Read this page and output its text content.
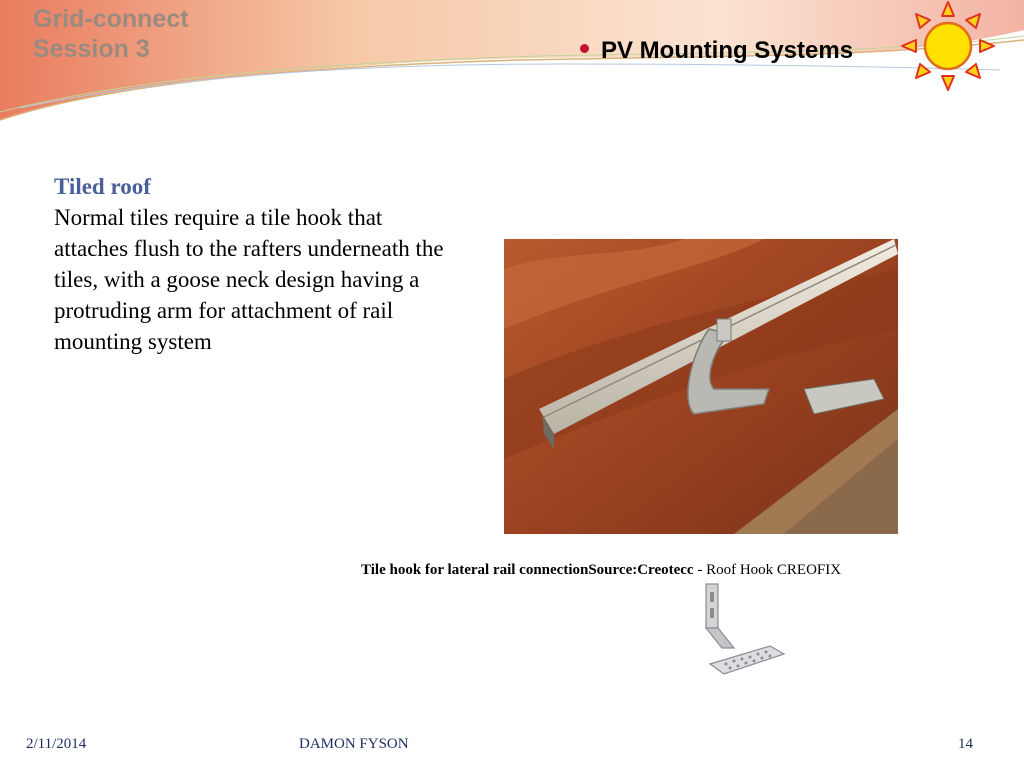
Grid-connect
Session 3	PV Mounting Systems
Tiled roof
Normal tiles require a tile hook that attaches flush to the rafters underneath the tiles, with a goose neck design having a protruding arm for attachment of rail mounting system
Tile hook for lateral rail connectionSource:Creotecc - Roof Hook CREOFIX
2/11/2014	DAMON FYSON	14
